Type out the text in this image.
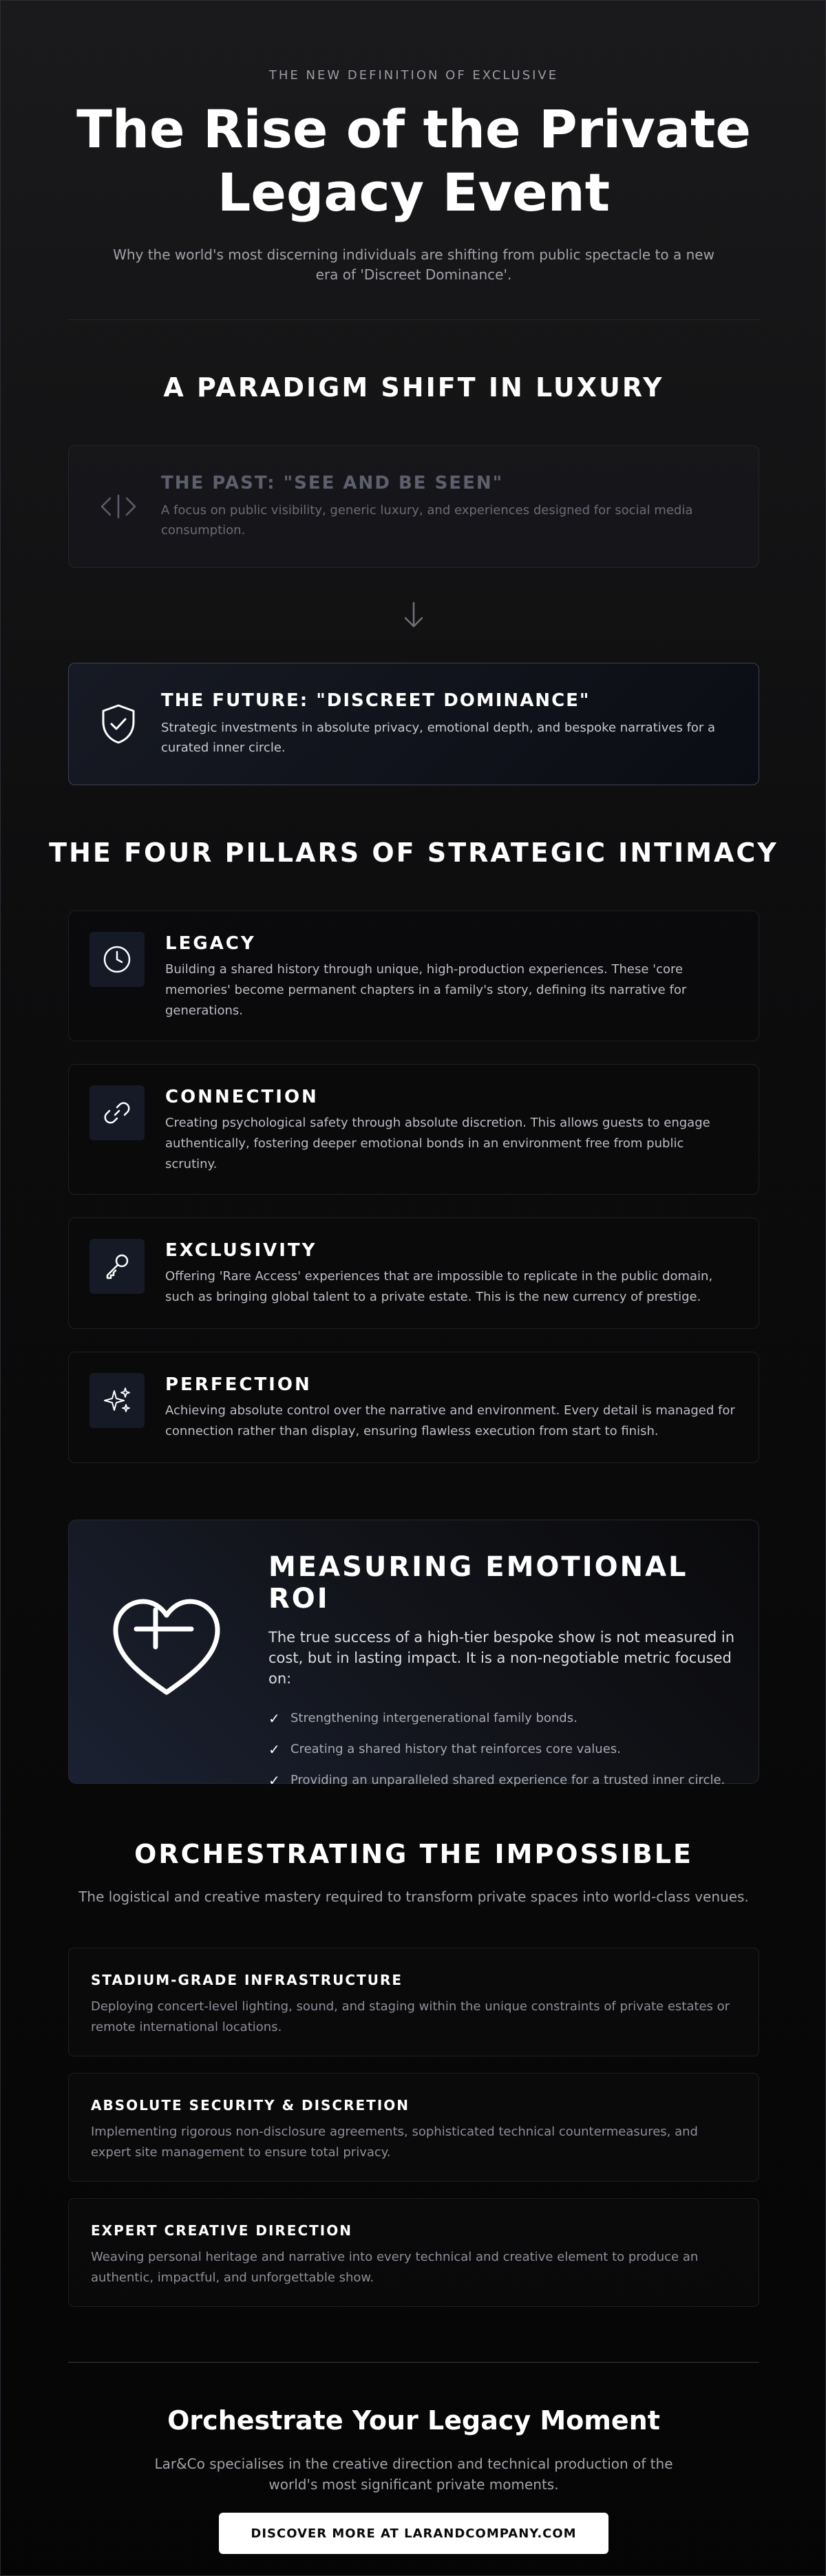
THE NEW DEFINITION OF EXCLUSIVE

The Rise of the Private Legacy Event

Why the world's most discerning individuals are shifting from public spectacle to a new era of 'Discreet Dominance'.

A PARADIGM SHIFT IN LUXURY
THE PAST: "SEE AND BE SEEN"

A focus on public visibility, generic luxury, and experiences designed for social media consumption.

THE FUTURE: "DISCREET DOMINANCE"

Strategic investments in absolute privacy, emotional depth, and bespoke narratives for a curated inner circle.

THE FOUR PILLARS OF STRATEGIC INTIMACY
LEGACY

Building a shared history through unique, high-production experiences. These 'core memories' become permanent chapters in a family's story, defining its narrative for generations.

CONNECTION

Creating psychological safety through absolute discretion. This allows guests to engage authentically, fostering deeper emotional bonds in an environment free from public scrutiny.

EXCLUSIVITY

Offering 'Rare Access' experiences that are impossible to replicate in the public domain, such as bringing global talent to a private estate. This is the new currency of prestige.

PERFECTION

Achieving absolute control over the narrative and environment. Every detail is managed for connection rather than display, ensuring flawless execution from start to finish.

MEASURING EMOTIONAL ROI

The true success of a high-tier bespoke show is not measured in cost, but in lasting impact. It is a non-negotiable metric focused on:

✓ Strengthening intergenerational family bonds.
✓ Creating a shared history that reinforces core values.
✓ Providing an unparalleled shared experience for a trusted inner circle.
ORCHESTRATING THE IMPOSSIBLE

The logistical and creative mastery required to transform private spaces into world-class venues.

STADIUM-GRADE INFRASTRUCTURE

Deploying concert-level lighting, sound, and staging within the unique constraints of private estates or remote international locations.

ABSOLUTE SECURITY & DISCRETION

Implementing rigorous non-disclosure agreements, sophisticated technical countermeasures, and expert site management to ensure total privacy.

EXPERT CREATIVE DIRECTION

Weaving personal heritage and narrative into every technical and creative element to produce an authentic, impactful, and unforgettable show.

Orchestrate Your Legacy Moment

Lar&Co specialises in the creative direction and technical production of the world's most significant private moments.

DISCOVER MORE AT LARANDCOMPANY.COM
